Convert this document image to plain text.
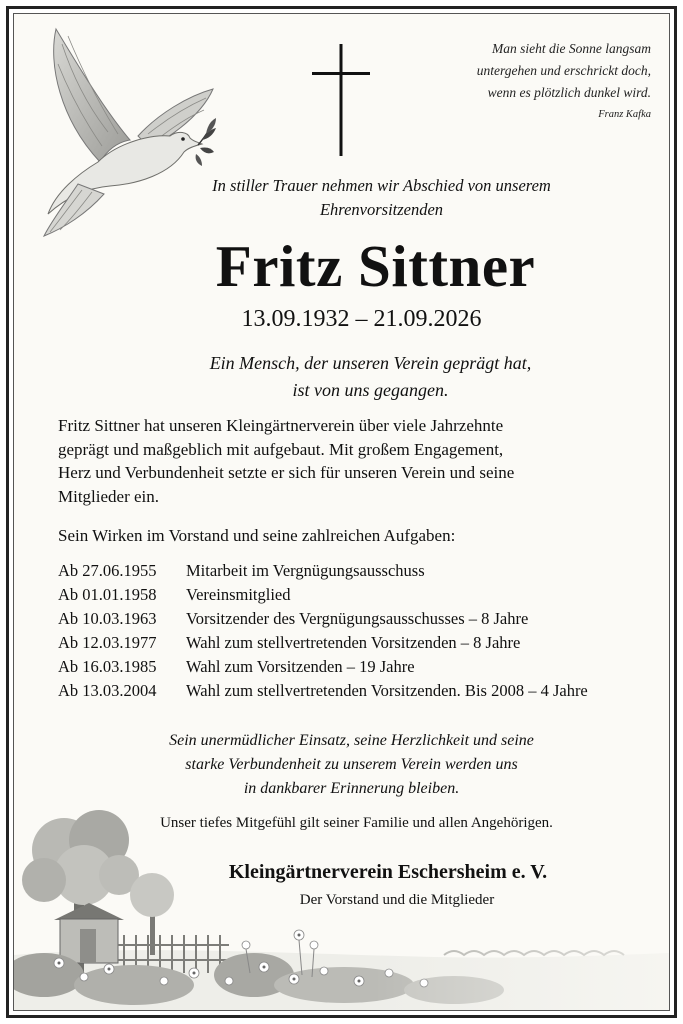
Man sieht die Sonne langsam
untergehen und erschrickt doch,
wenn es plötzlich dunkel wird.
Franz Kafka
In stiller Trauer nehmen wir Abschied von unserem
Ehrenvorsitzenden
Fritz Sittner
13.09.1932 – 21.09.2026
Ein Mensch, der unseren Verein geprägt hat,
ist von uns gegangen.
Fritz Sittner hat unseren Kleingärtnerverein über viele Jahrzehnte
geprägt und maßgeblich mit aufgebaut. Mit großem Engagement,
Herz und Verbundenheit setzte er sich für unseren Verein und seine
Mitglieder ein.
Sein Wirken im Vorstand und seine zahlreichen Aufgaben:
Ab 27.06.1955	Mitarbeit im Vergnügungsausschuss
Ab 01.01.1958	Vereinsmitglied
Ab 10.03.1963	Vorsitzender des Vergnügungsausschusses – 8 Jahre
Ab 12.03.1977	Wahl zum stellvertretenden Vorsitzenden – 8 Jahre
Ab 16.03.1985	Wahl zum Vorsitzenden – 19 Jahre
Ab 13.03.2004	Wahl zum stellvertretenden Vorsitzenden. Bis 2008 – 4 Jahre
Sein unermüdlicher Einsatz, seine Herzlichkeit und seine
starke Verbundenheit zu unserem Verein werden uns
in dankbarer Erinnerung bleiben.
Unser tiefes Mitgefühl gilt seiner Familie und allen Angehörigen.
Kleingärtnerverein Eschersheim e. V.
Der Vorstand und die Mitglieder
